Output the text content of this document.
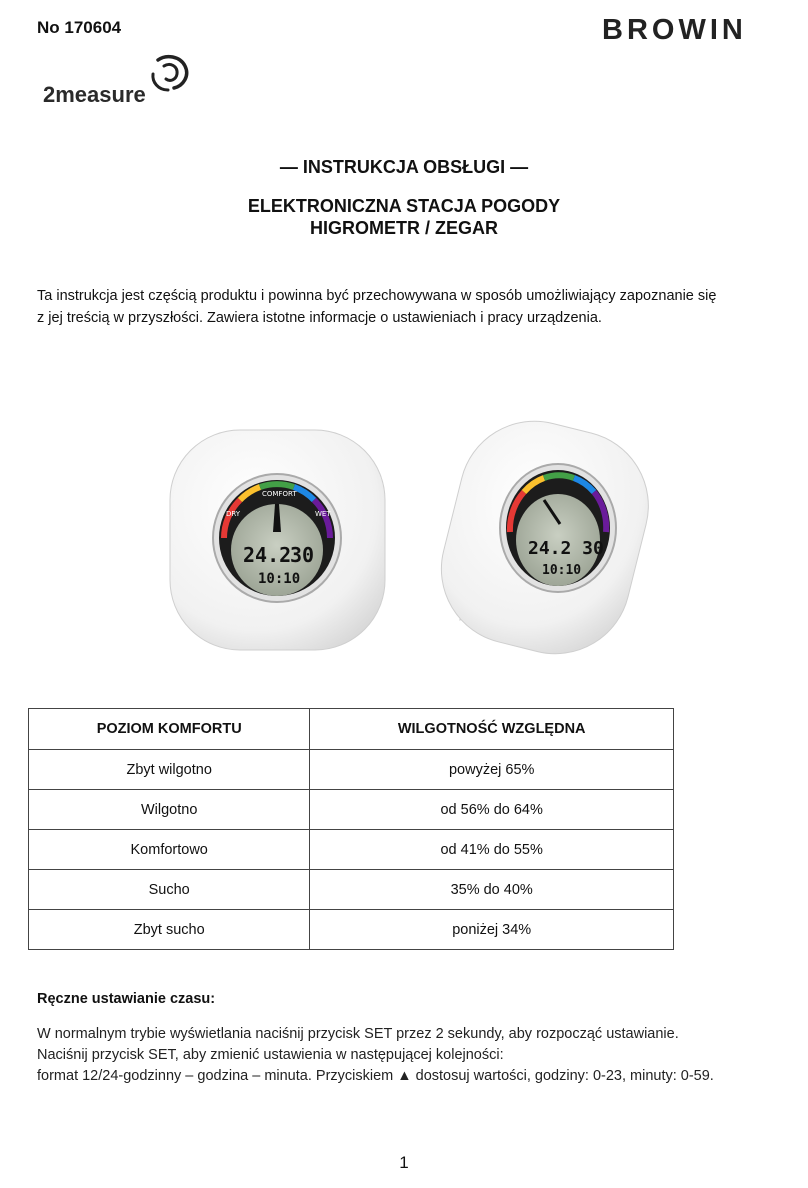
No 170604	BROWIN
2measure
— INSTRUKCJA OBSŁUGI —
ELEKTRONICZNA STACJA POGODY
HIGROMETR / ZEGAR
Ta instrukcja jest częścią produktu i powinna być przechowywana w sposób umożliwiający zapoznanie się
z jej treścią w przyszłości. Zawiera istotne informacje o ustawieniach i pracy urządzenia.
DRY
COMFORT
WET
24.2
30
10:10
24.2 30
10:10
POZIOM KOMFORTU	WILGOTNOŚĆ WZGLĘDNA
Zbyt wilgotno	powyżej 65%
Wilgotno	od 56% do 64%
Komfortowo	od 41% do 55%
Sucho	35% do 40%
Zbyt sucho	poniżej 34%
Ręczne ustawianie czasu:

W normalnym trybie wyświetlania naciśnij przycisk SET przez 2 sekundy, aby rozpocząć ustawianie.

Naciśnij przycisk SET, aby zmienić ustawienia w następującej kolejności:

format 12/24-godzinny – godzina – minuta. Przyciskiem ▲ dostosuj wartości, godziny: 0-23, minuty: 0-59.

1
